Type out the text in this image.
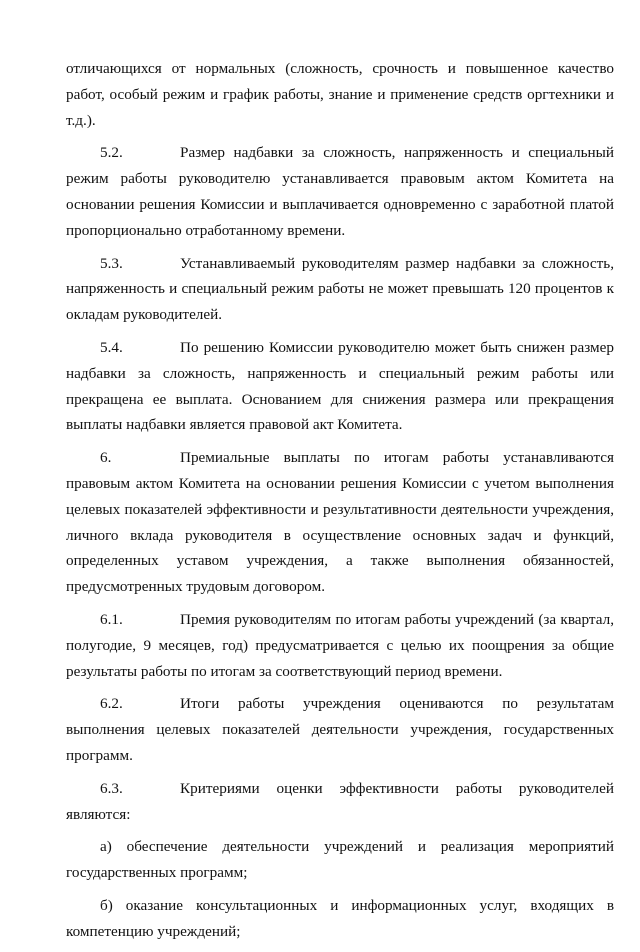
отличающихся от нормальных (сложность, срочность и повышенное качество работ, особый режим и график работы, знание и применение средств оргтехники и т.д.).

5.2.	Размер надбавки за сложность, напряженность и специальный режим работы руководителю устанавливается правовым актом Комитета на основании решения Комиссии и выплачивается одновременно с заработной платой пропорционально отработанному времени.

5.3.	Устанавливаемый руководителям размер надбавки за сложность, напряженность и специальный режим работы не может превышать 120 процентов к окладам руководителей.

5.4.	По решению Комиссии руководителю может быть снижен размер надбавки за сложность, напряженность и специальный режим работы или прекращена ее выплата. Основанием для снижения размера или прекращения выплаты надбавки является правовой акт Комитета.

6.	Премиальные выплаты по итогам работы устанавливаются правовым актом Комитета на основании решения Комиссии с учетом выполнения целевых показателей эффективности и результативности деятельности учреждения, личного вклада руководителя в осуществление основных задач и функций, определенных уставом учреждения, а также выполнения обязанностей, предусмотренных трудовым договором.

6.1.	Премия руководителям по итогам работы учреждений (за квартал, полугодие, 9 месяцев, год) предусматривается с целью их поощрения за общие результаты работы по итогам за соответствующий период времени.

6.2.	Итоги работы учреждения оцениваются по результатам выполнения целевых показателей деятельности учреждения, государственных программ.

6.3.	Критериями оценки эффективности работы руководителей являются:

а) обеспечение деятельности учреждений и реализация мероприятий государственных программ;

б) оказание консультационных и информационных услуг, входящих в компетенцию учреждений;
